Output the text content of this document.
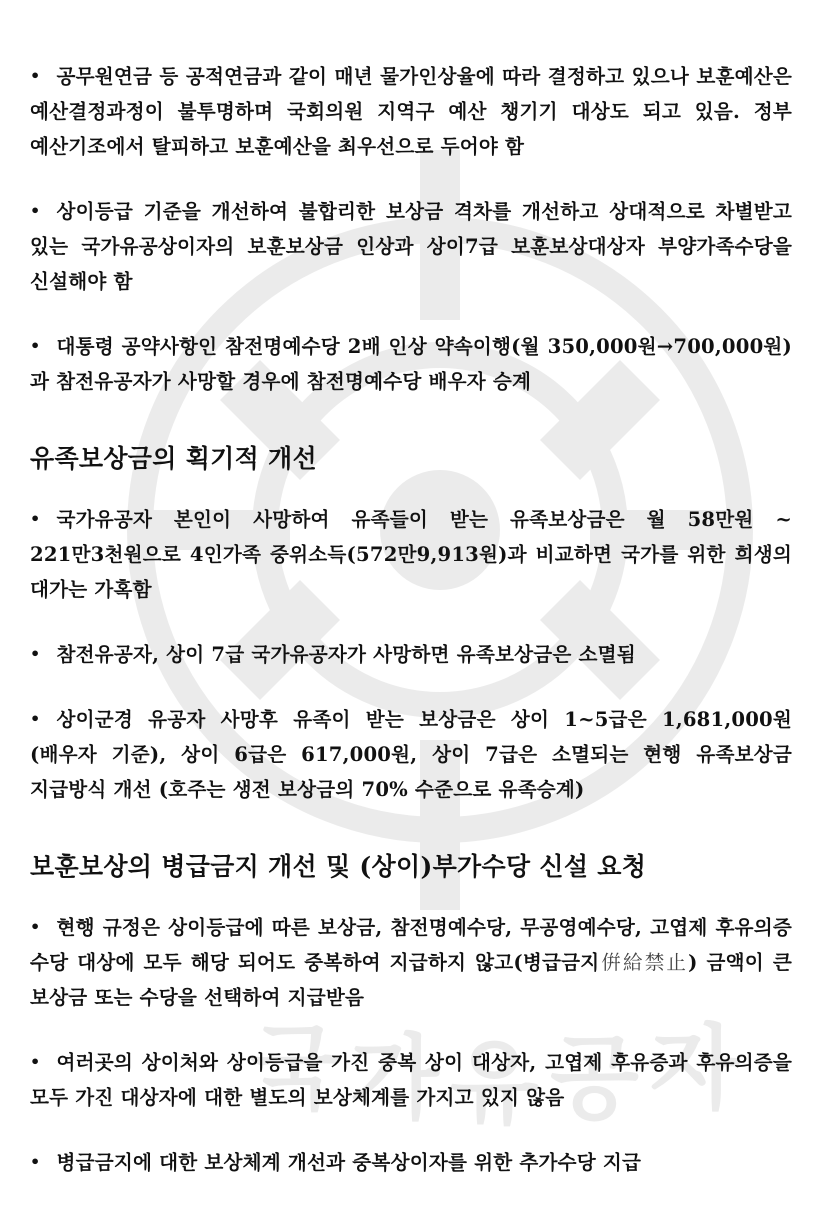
국 가 유 공 자

• 공무원연금 등 공적연금과 같이 매년 물가인상율에 따라 결정하고 있으나 보훈예산은 예산결정과정이 불투명하며 국회의원 지역구 예산 챙기기 대상도 되고 있음. 정부 예산기조에서 탈피하고 보훈예산을 최우선으로 두어야 함

• 상이등급 기준을 개선하여 불합리한 보상금 격차를 개선하고 상대적으로 차별받고 있는 국가유공상이자의 보훈보상금 인상과 상이7급 보훈보상대상자 부양가족수당을 신설해야 함

• 대통령 공약사항인 참전명예수당 2배 인상 약속이행(월 350,000원→700,000원)과 참전유공자가 사망할 경우에 참전명예수당 배우자 승계

유족보상금의 획기적 개선

• 국가유공자 본인이 사망하여 유족들이 받는 유족보상금은 월 58만원 ~ 221만3천원으로 4인가족 중위소득(572만9,913원)과 비교하면 국가를 위한 희생의 대가는 가혹함

• 참전유공자, 상이 7급 국가유공자가 사망하면 유족보상금은 소멸됨

• 상이군경 유공자 사망후 유족이 받는 보상금은 상이 1~5급은 1,681,000원(배우자 기준), 상이 6급은 617,000원, 상이 7급은 소멸되는 현행 유족보상금 지급방식 개선 (호주는 생전 보상금의 70% 수준으로 유족승계)

보훈보상의 병급금지 개선 및 (상이)부가수당 신설 요청

• 현행 규정은 상이등급에 따른 보상금, 참전명예수당, 무공영예수당, 고엽제 후유의증 수당 대상에 모두 해당 되어도 중복하여 지급하지 않고(병급금지倂給禁止) 금액이 큰 보상금 또는 수당을 선택하여 지급받음

• 여러곳의 상이처와 상이등급을 가진 중복 상이 대상자, 고엽제 후유증과 후유의증을 모두 가진 대상자에 대한 별도의 보상체계를 가지고 있지 않음

• 병급금지에 대한 보상체계 개선과 중복상이자를 위한 추가수당 지급
